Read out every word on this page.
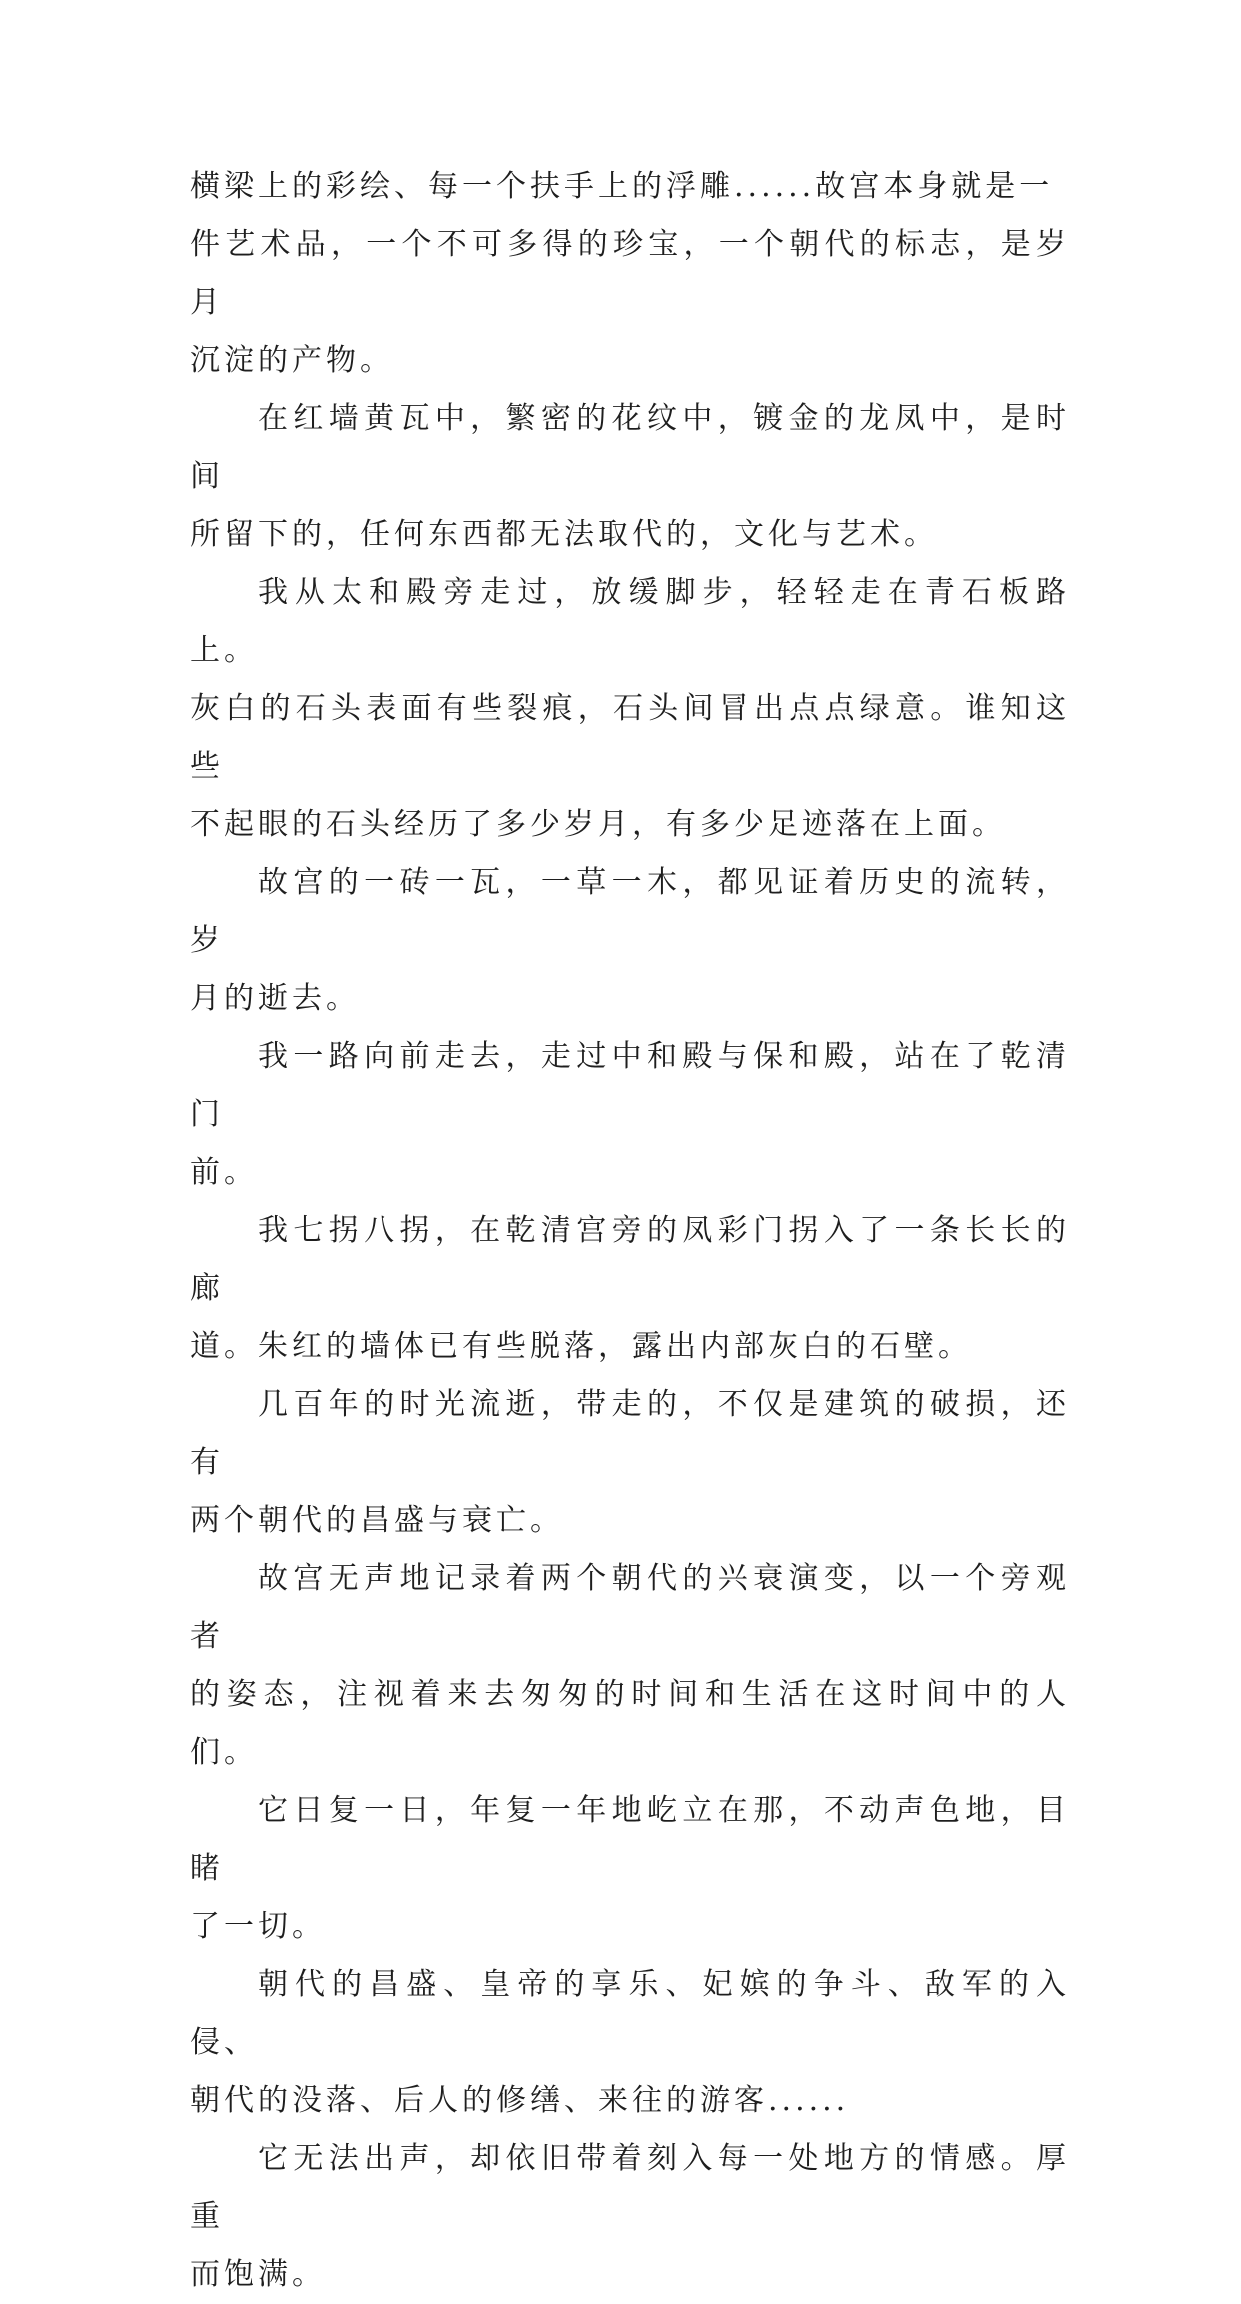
横梁上的彩绘、每一个扶手上的浮雕......故宫本身就是一
件艺术品，一个不可多得的珍宝，一个朝代的标志，是岁月
沉淀的产物。

在红墙黄瓦中，繁密的花纹中，镀金的龙凤中，是时间
所留下的，任何东西都无法取代的，文化与艺术。

我从太和殿旁走过，放缓脚步，轻轻走在青石板路上。
灰白的石头表面有些裂痕，石头间冒出点点绿意。谁知这些
不起眼的石头经历了多少岁月，有多少足迹落在上面。

故宫的一砖一瓦，一草一木，都见证着历史的流转，岁
月的逝去。

我一路向前走去，走过中和殿与保和殿，站在了乾清门
前。

我七拐八拐，在乾清宫旁的凤彩门拐入了一条长长的廊
道。朱红的墙体已有些脱落，露出内部灰白的石壁。

几百年的时光流逝，带走的，不仅是建筑的破损，还有
两个朝代的昌盛与衰亡。

故宫无声地记录着两个朝代的兴衰演变，以一个旁观者
的姿态，注视着来去匆匆的时间和生活在这时间中的人们。

它日复一日，年复一年地屹立在那，不动声色地，目睹
了一切。

朝代的昌盛、皇帝的享乐、妃嫔的争斗、敌军的入侵、
朝代的没落、后人的修缮、来往的游客......

它无法出声，却依旧带着刻入每一处地方的情感。厚重
而饱满。
